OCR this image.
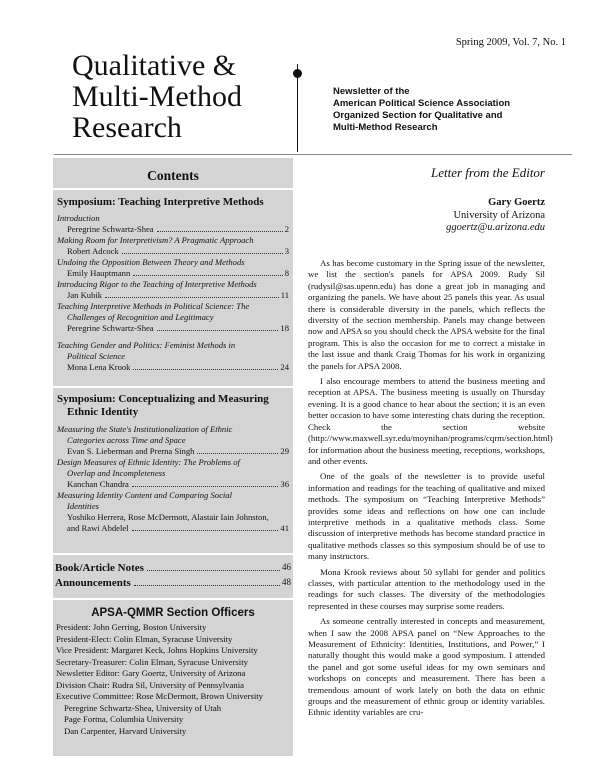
Spring 2009, Vol. 7, No. 1
Qualitative &
Multi-Method
Research
Newsletter of the
American Political Science Association
Organized Section for Qualitative and
Multi-Method Research
Contents
Symposium: Teaching Interpretive Methods
Introduction
Peregrine Schwartz-Shea	2
Making Room for Interpretivism? A Pragmatic Approach
Robert Adcock	3
Undoing the Opposition Between Theory and Methods
Emily Hauptmann	8
Introducing Rigor to the Teaching of Interpretive Methods
Jan Kubik	11
Teaching Interpretive Methods in Political Science: The
Challenges of Recognition and Legitimacy
Peregrine Schwartz-Shea	18
Teaching Gender and Politics: Feminist Methods in
Political Science
Mona Lena Krook	24
Symposium: Conceptualizing and Measuring
Ethnic Identity
Measuring the State's Institutionalization of Ethnic
Categories across Time and Space
Evan S. Lieberman and Prerna Singh	29
Design Measures of Ethnic Identity: The Problems of
Overlap and Incompleteness
Kanchan Chandra	36
Measuring Identity Content and Comparing Social
Identities
Yoshiko Herrera, Rose McDermott, Alastair Iain Johnston,
and Rawi Abdelel	41
Book/Article Notes	46
Announcements	48
APSA-QMMR Section Officers
President: John Gerring, Boston University
President-Elect: Colin Elman, Syracuse University
Vice President: Margaret Keck, Johns Hopkins University
Secretary-Treasurer: Colin Elman, Syracuse University
Newsletter Editor: Gary Goertz, University of Arizona
Division Chair: Rudra Sil, University of Pennsylvania
Executive Committee: Rose McDermott, Brown University
Peregrine Schwartz-Shea, University of Utah
Page Fortna, Columbia University
Dan Carpenter, Harvard University
Letter from the Editor
Gary Goertz
University of Arizona
ggoertz@u.arizona.edu

As has become customary in the Spring issue of the newsletter, we list the section's panels for APSA 2009. Rudy Sil (rudysil@sas.upenn.edu) has done a great job in managing and organizing the panels. We have about 25 panels this year. As usual there is considerable diversity in the panels, which reflects the diversity of the section membership. Panels may change between now and APSA so you should check the APSA website for the final program. This is also the occasion for me to correct a mistake in the last issue and thank Craig Thomas for his work in organizing the panels for APSA 2008.

I also encourage members to attend the business meeting and reception at APSA. The business meeting is usually on Thursday evening. It is a good chance to hear about the section; it is an even better occasion to have some interesting chats during the reception. Check the section website (http://www.maxwell.syr.edu/moynihan/programs/cqrm/section.html) for information about the business meeting, receptions, workshops, and other events.

One of the goals of the newsletter is to provide useful information and readings for the teaching of qualitative and mixed methods. The symposium on “Teaching Interpretive Methods” provides some ideas and reflections on how one can include interpretive methods in a qualitative methods class. Some discussion of interpretive methods has become standard practice in qualitative methods classes so this symposium should be of use to many instructors.

Mona Krook reviews about 50 syllabi for gender and politics classes, with particular attention to the methodology used in the readings for such classes. The diversity of the methodologies represented in these courses may surprise some readers.

As someone centrally interested in concepts and measurement, when I saw the 2008 APSA panel on “New Approaches to the Measurement of Ethnicity: Identities, Institutions, and Power,” I naturally thought this would make a good symposium. I attended the panel and got some useful ideas for my own seminars and workshops on concepts and measurement. There has been a tremendous amount of work lately on both the data on ethnic groups and the measurement of ethnic group or identity variables. Ethnic identity variables are cru-
